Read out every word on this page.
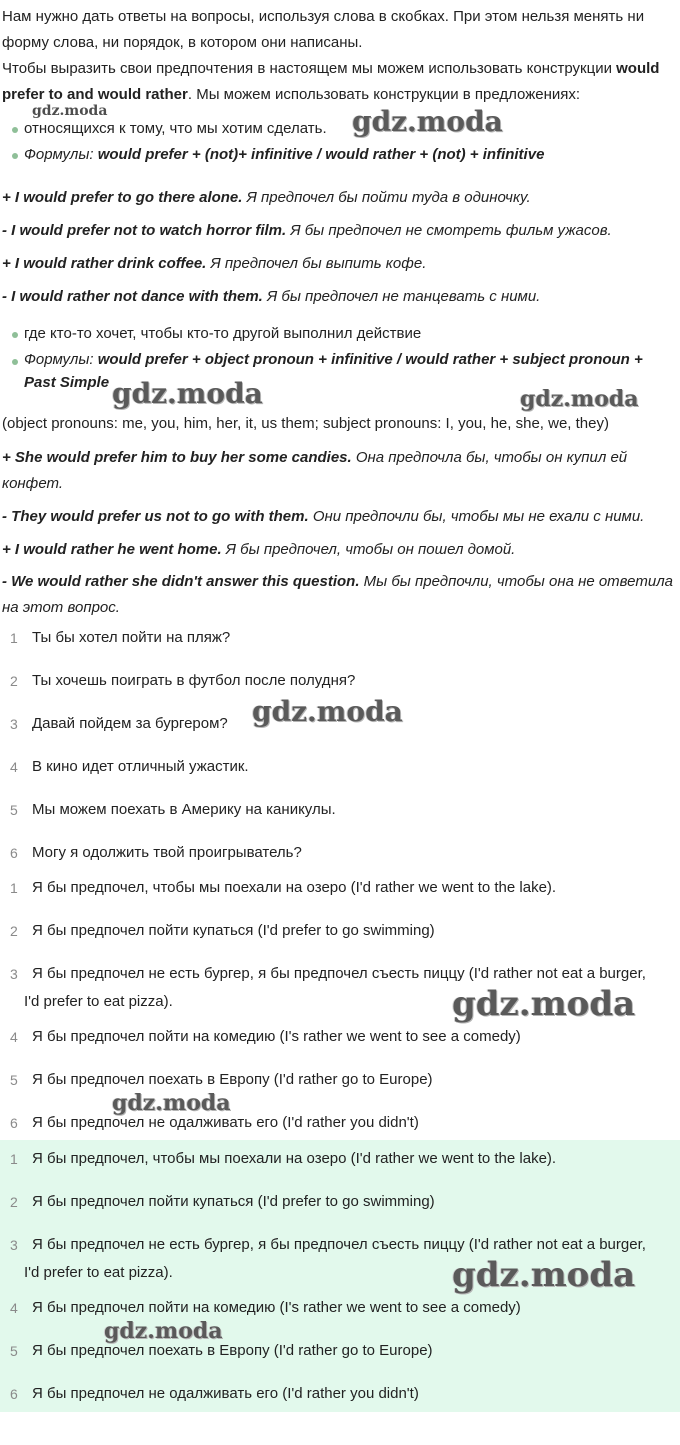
Нам нужно дать ответы на вопросы, используя слова в скобках. При этом нельзя менять ни форму слова, ни порядок, в котором они написаны.

Чтобы выразить свои предпочтения в настоящем мы можем использовать конструкции would prefer to and would rather. Мы можем использовать конструкции в предложениях:

относящихся к тому, что мы хотим сделать.

Формулы: would prefer + (not)+ infinitive / would rather + (not) + infinitive

+ I would prefer to go there alone. Я предпочел бы пойти туда в одиночку.

- I would prefer not to watch horror film. Я бы предпочел не смотреть фильм ужасов.

+ I would rather drink coffee. Я предпочел бы выпить кофе.

- I would rather not dance with them. Я бы предпочел не танцевать с ними.

где кто-то хочет, чтобы кто-то другой выполнил действие

Формулы: would prefer + object pronoun + infinitive / would rather + subject pronoun + Past Simple

(object pronouns: me, you, him, her, it, us them; subject pronouns: I, you, he, she, we, they)

+ She would prefer him to buy her some candies. Она предпочла бы, чтобы он купил ей конфет.

- They would prefer us not to go with them. Они предпочли бы, чтобы мы не ехали с ними.

+ I would rather he went home. Я бы предпочел, чтобы он пошел домой.

- We would rather she didn't answer this question. Мы бы предпочли, чтобы она не ответила на этот вопрос.

1 Ты бы хотел пойти на пляж?
2 Ты хочешь поиграть в футбол после полудня?
3 Давай пойдем за бургером?
4 В кино идет отличный ужастик.
5 Мы можем поехать в Америку на каникулы.
6 Могу я одолжить твой проигрыватель?
1 Я бы предпочел, чтобы мы поехали на озеро (I'd rather we went to the lake).
2 Я бы предпочел пойти купаться (I'd prefer to go swimming)
3 Я бы предпочел не есть бургер, я бы предпочел съесть пиццу (I'd rather not eat a burger, I'd prefer to eat pizza).
4 Я бы предпочел пойти на комедию (I's rather we went to see a comedy)
5 Я бы предпочел поехать в Европу (I'd rather go to Europe)
6 Я бы предпочел не одалживать его (I'd rather you didn't)
1 Я бы предпочел, чтобы мы поехали на озеро (I'd rather we went to the lake).
2 Я бы предпочел пойти купаться (I'd prefer to go swimming)
3 Я бы предпочел не есть бургер, я бы предпочел съесть пиццу (I'd rather not eat a burger, I'd prefer to eat pizza).
4 Я бы предпочел пойти на комедию (I's rather we went to see a comedy)
5 Я бы предпочел поехать в Европу (I'd rather go to Europe)
6 Я бы предпочел не одалживать его (I'd rather you didn't)
gdz.moda	gdz.moda
gdz.moda	gdz.moda
gdz.moda
gdz.moda
gdz.moda
gdz.moda
gdz.moda
